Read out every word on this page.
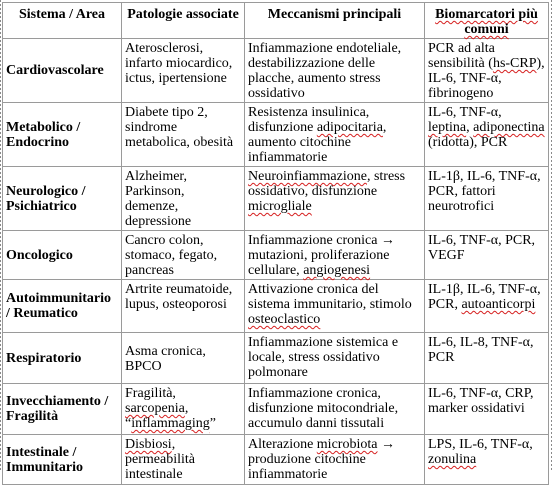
Sistema / Area	Patologie associate	Meccanismi principali	Biomarcatori più comuni
Cardiovascolare	Aterosclerosi, infarto miocardico, ictus, ipertensione	Infiammazione endoteliale, destabilizzazione delle placche, aumento stress ossidativo	PCR ad alta sensibilità (hs-CRP), IL-6, TNF-α, fibrinogeno
Metabolico / Endocrino	Diabete tipo 2, sindrome metabolica, obesità	Resistenza insulinica, disfunzione adipocitaria, aumento citochine infiammatorie	IL-6, TNF-α, leptina, adiponectina (ridotta), PCR
Neurologico / Psichiatrico	Alzheimer, Parkinson, demenze, depressione	Neuroinfiammazione, stress ossidativo, disfunzione microgliale	IL-1β, IL-6, TNF-α, PCR, fattori neurotrofici
Oncologico	Cancro colon, stomaco, fegato, pancreas	Infiammazione cronica → mutazioni, proliferazione cellulare, angiogenesi	IL-6, TNF-α, PCR, VEGF
Autoimmunitario / Reumatico	Artrite reumatoide, lupus, osteoporosi	Attivazione cronica del sistema immunitario, stimolo osteoclastico	IL-1β, IL-6, TNF-α, PCR, autoanticorpi
Respiratorio	Asma cronica, BPCO	Infiammazione sistemica e locale, stress ossidativo polmonare	IL-6, IL-8, TNF-α, PCR
Invecchiamento / Fragilità	Fragilità, sarcopenia, “inflammaging”	Infiammazione cronica, disfunzione mitocondriale, accumulo danni tissutali	IL-6, TNF-α, CRP, marker ossidativi
Intestinale / Immunitario	Disbiosi, permeabilità intestinale	Alterazione microbiota → produzione citochine infiammatorie	LPS, IL-6, TNF-α, zonulina
